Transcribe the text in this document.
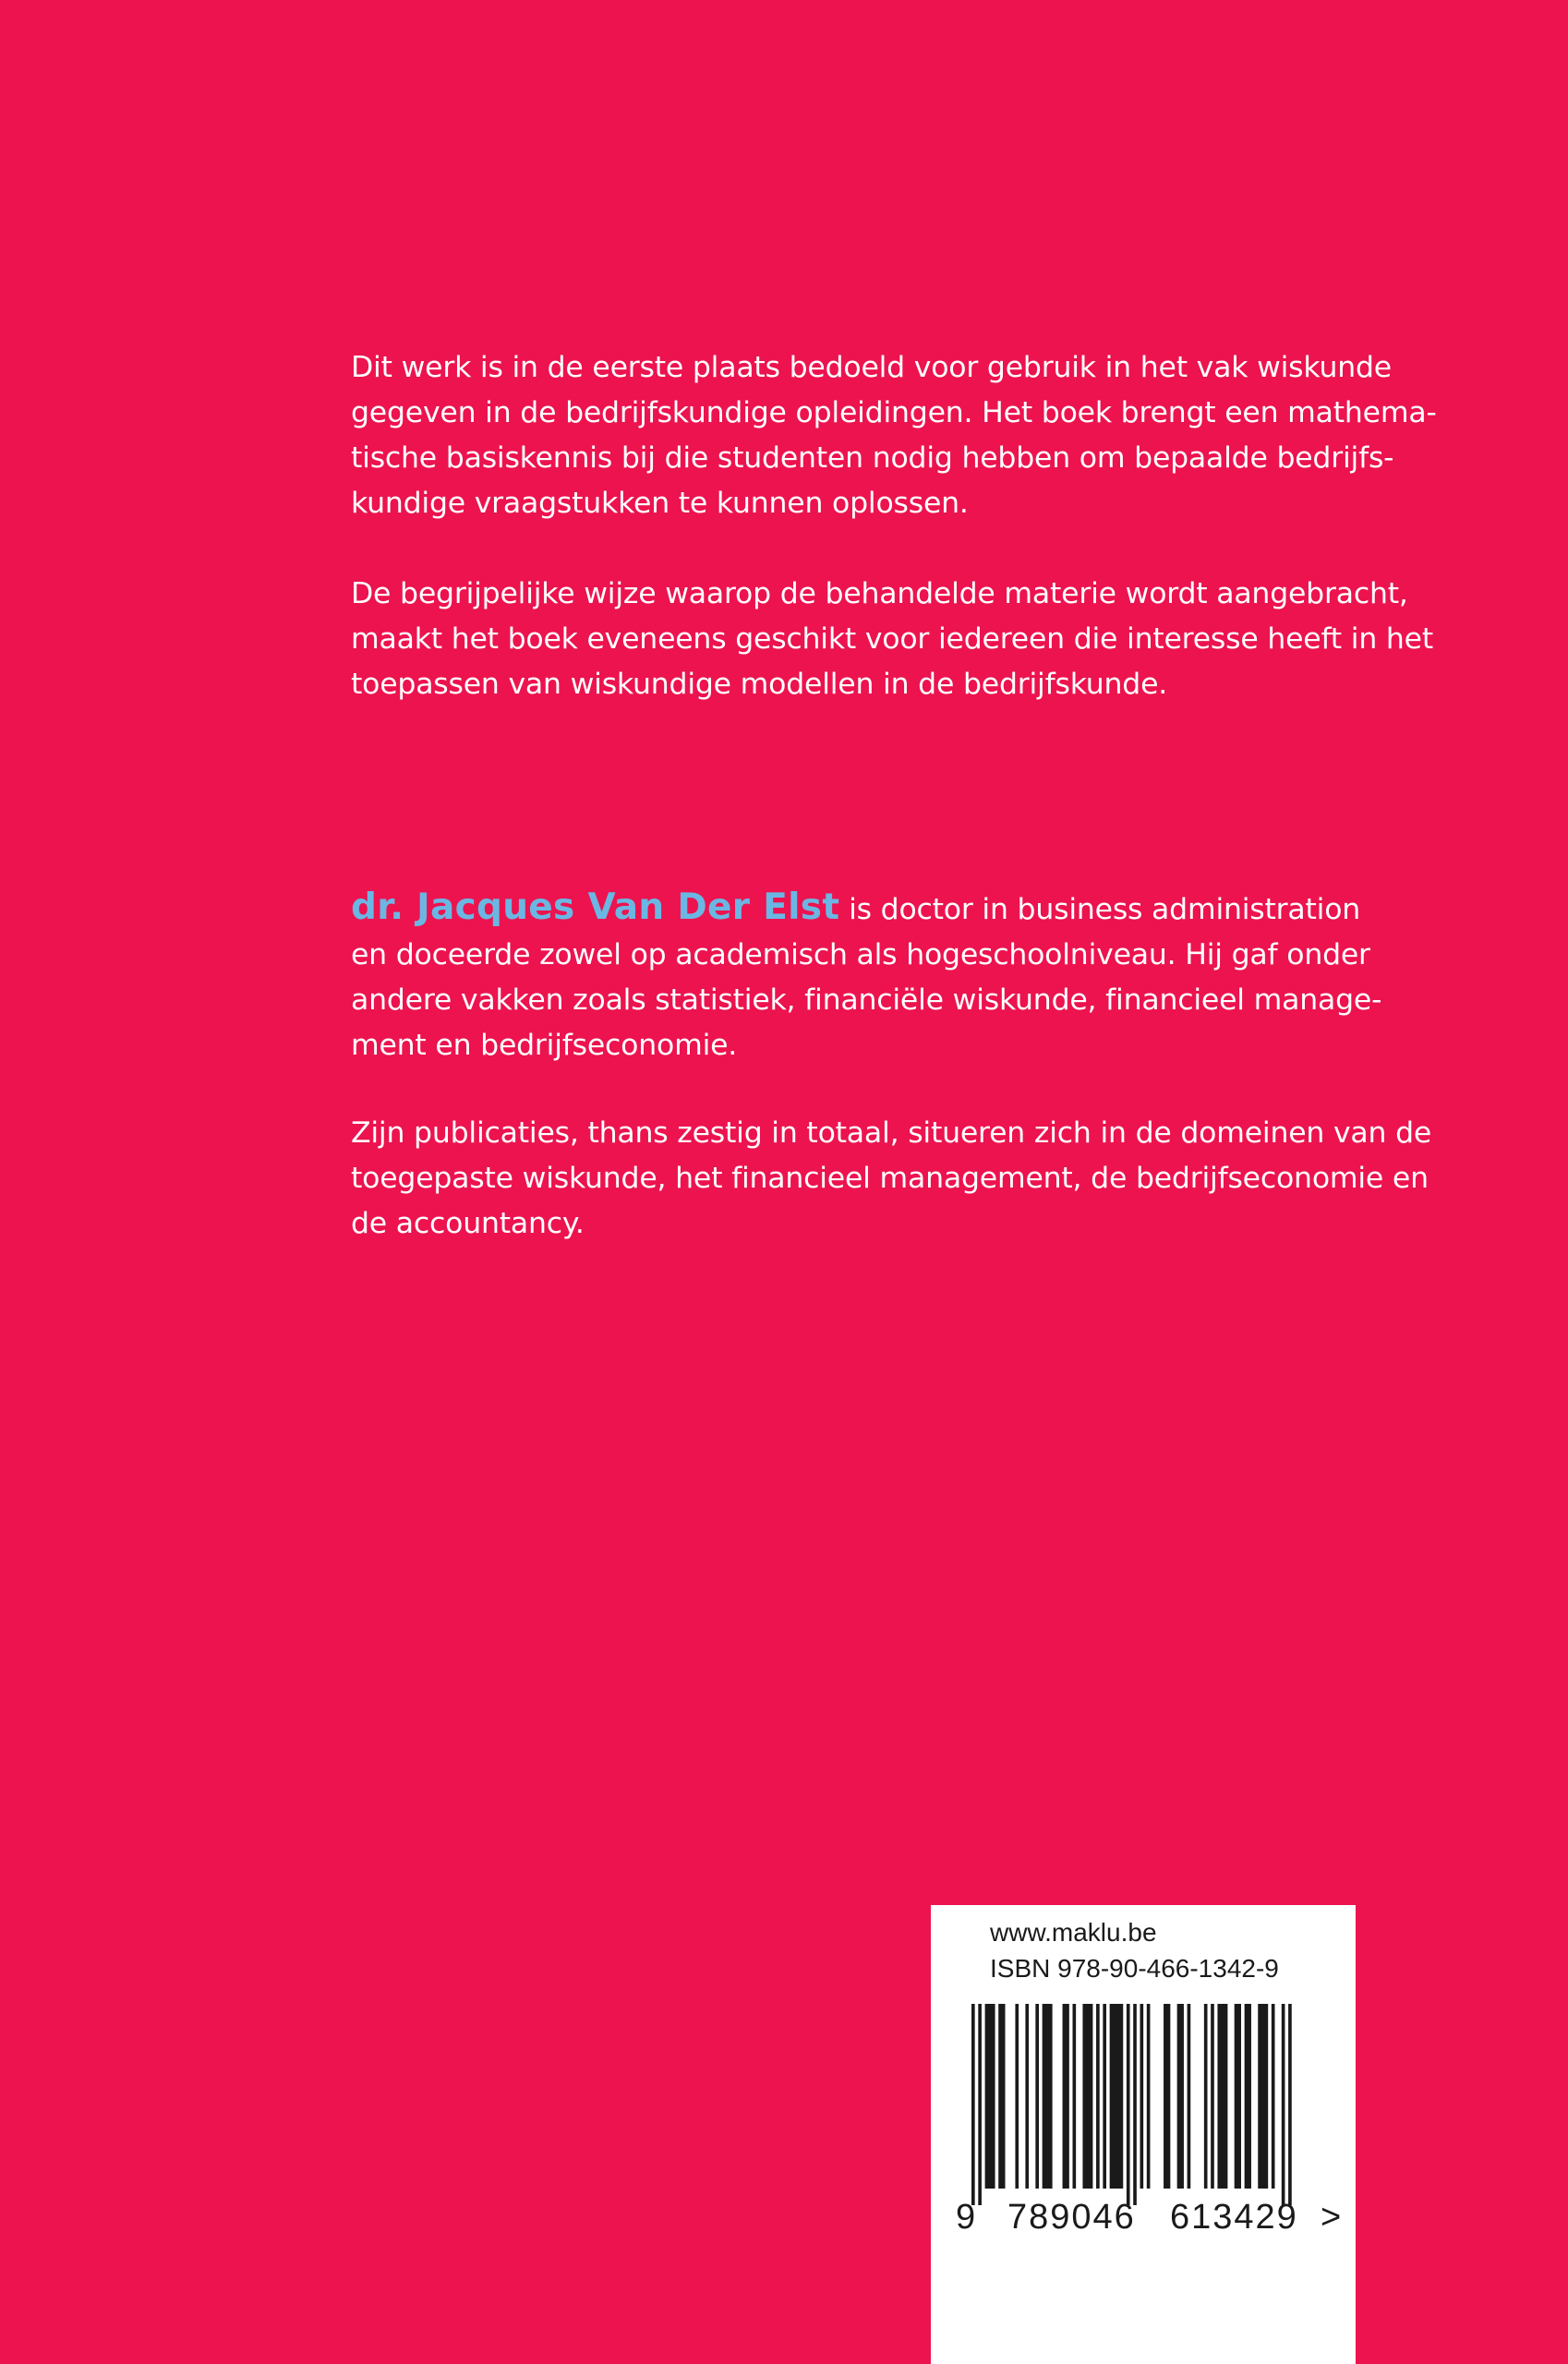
Dit werk is in de eerste plaats bedoeld voor gebruik in het vak wiskunde
gegeven in de bedrijfskundige opleidingen. Het boek brengt een mathema-
tische basiskennis bij die studenten nodig hebben om bepaalde bedrijfs-
kundige vraagstukken te kunnen oplossen.
De begrijpelijke wijze waarop de behandelde materie wordt aangebracht,
maakt het boek eveneens geschikt voor iedereen die interesse heeft in het
toepassen van wiskundige modellen in de bedrijfskunde.
dr. Jacques Van Der Elst is doctor in business administration
en doceerde zowel op academisch als hogeschoolniveau. Hij gaf onder
andere vakken zoals statistiek, financiële wiskunde, financieel manage-
ment en bedrijfseconomie.
Zijn publicaties, thans zestig in totaal, situeren zich in de domeinen van de
toegepaste wiskunde, het financieel management, de bedrijfseconomie en
de accountancy.
www.maklu.be
ISBN 978-90-466-1342-9
9 789046 613429 >
